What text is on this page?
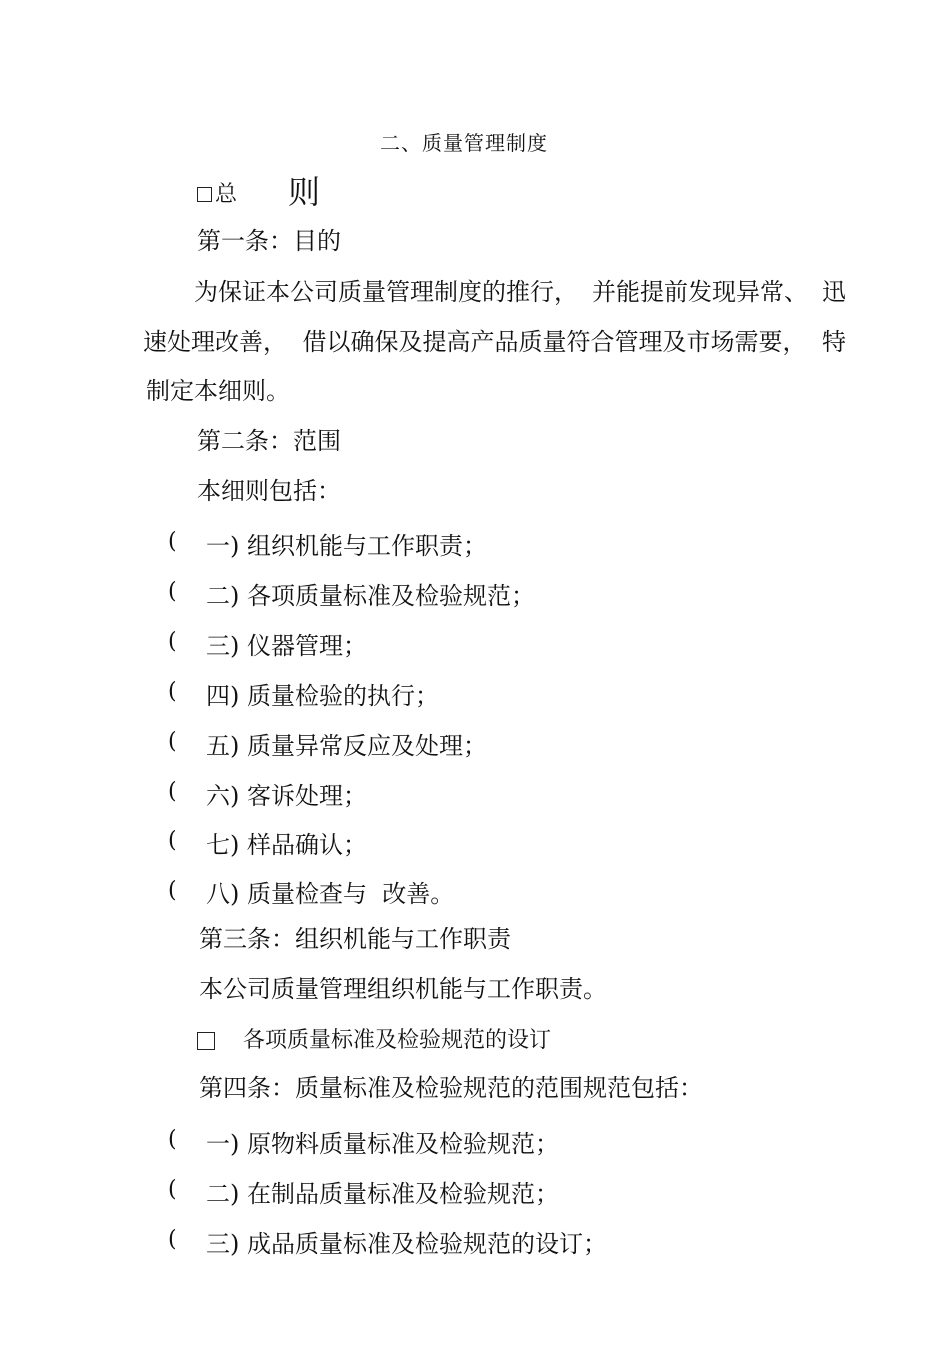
二、质量管理制度
总 则
第一条：目的
为保证本公司质量管理制度的推行， 并能提前发现异常、 迅
速处理改善， 借以确保及提高产品质量符合管理及市场需要， 特
制定本细则。
第二条：范围
本细则包括：
( 一) 组织机能与工作职责；
( 二) 各项质量标准及检验规范；
( 三) 仪器管理；
( 四) 质量检验的执行；
( 五) 质量异常反应及处理；
( 六) 客诉处理；
( 七) 样品确认；
( 八) 质量检查与  改善。
第三条：组织机能与工作职责
本公司质量管理组织机能与工作职责。
各项质量标准及检验规范的设订
第四条：质量标准及检验规范的范围规范包括：
( 一) 原物料质量标准及检验规范；
( 二) 在制品质量标准及检验规范；
( 三) 成品质量标准及检验规范的设订；
